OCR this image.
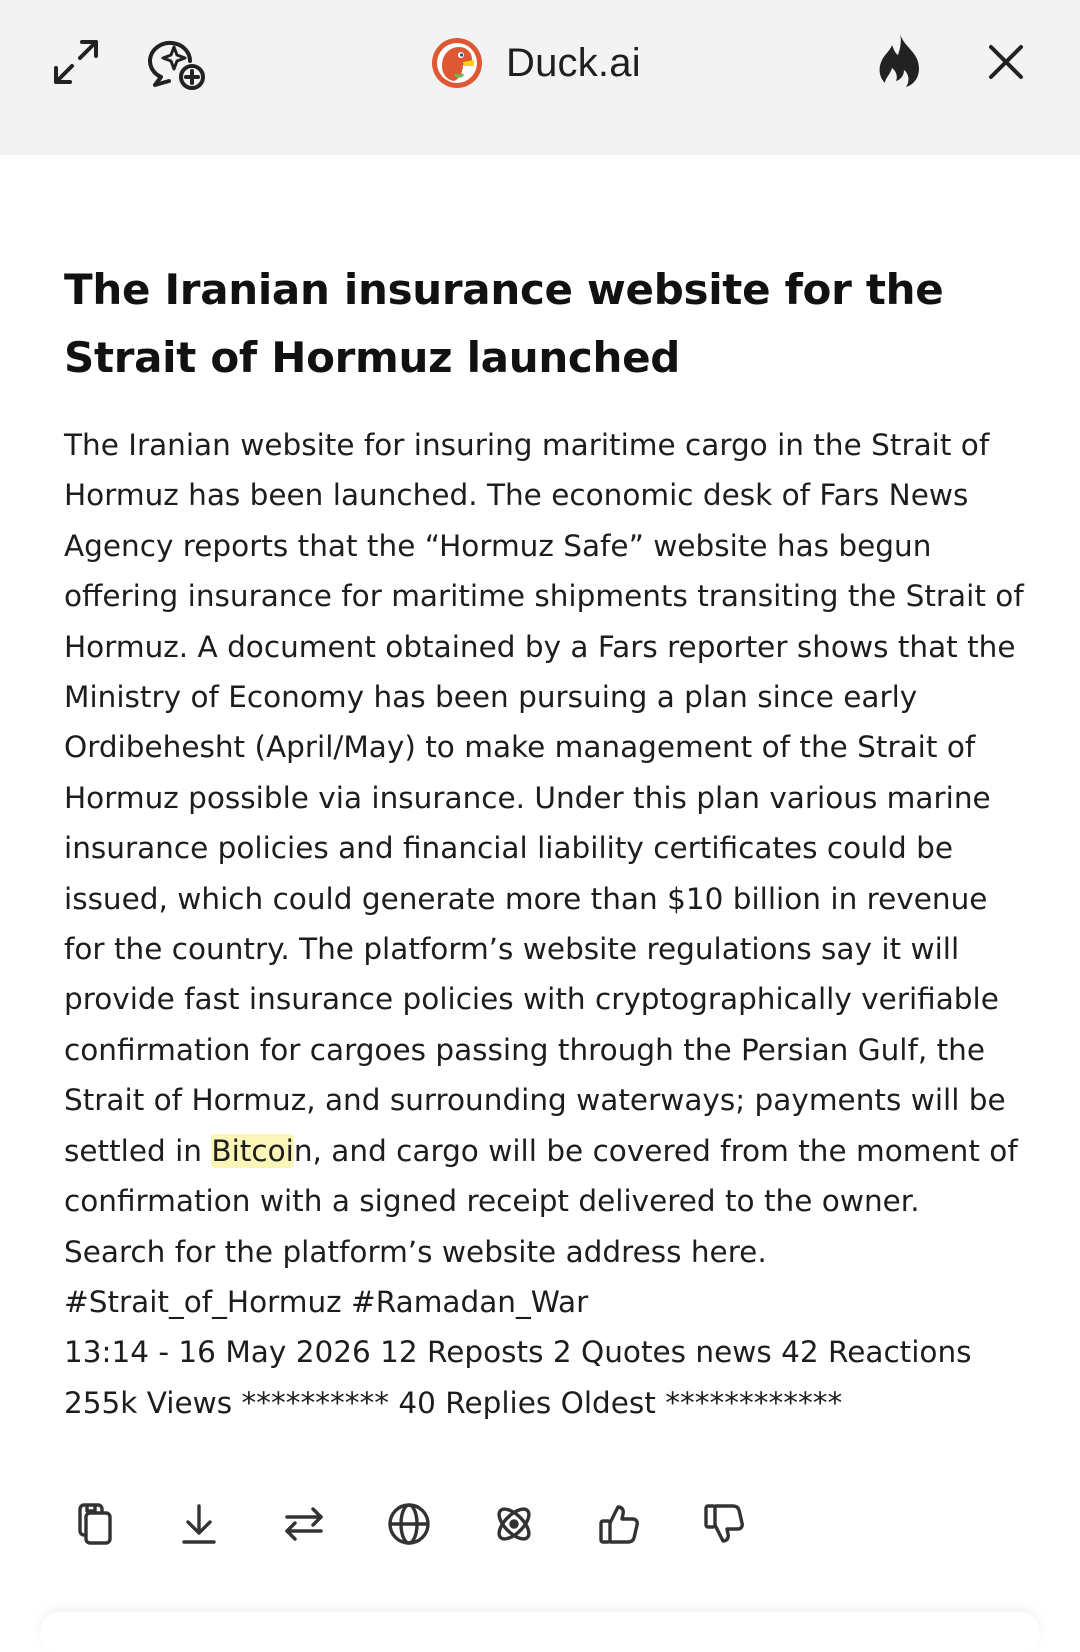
Duck.ai
The Iranian insurance website for the Strait of Hormuz launched

The Iranian website for insuring maritime cargo in the Strait of Hormuz has been launched. The economic desk of Fars News Agency reports that the “Hormuz Safe” website has begun offering insurance for maritime shipments transiting the Strait of Hormuz. A document obtained by a Fars reporter shows that the Ministry of Economy has been pursuing a plan since early Ordibehesht (April/May) to make management of the Strait of Hormuz possible via insurance. Under this plan various marine insurance policies and financial liability certificates could be issued, which could generate more than $10 billion in revenue for the country. The platform’s website regulations say it will provide fast insurance policies with cryptographically verifiable confirmation for cargoes passing through the Persian Gulf, the Strait of Hormuz, and surrounding waterways; payments will be settled in Bitcoin, and cargo will be covered from the moment of confirmation with a signed receipt delivered to the owner.

Search for the platform’s website address here.

#Strait_of_Hormuz #Ramadan_War

13:14 - 16 May 2026 12 Reposts 2 Quotes news 42 Reactions 255k Views ********** 40 Replies Oldest ************
